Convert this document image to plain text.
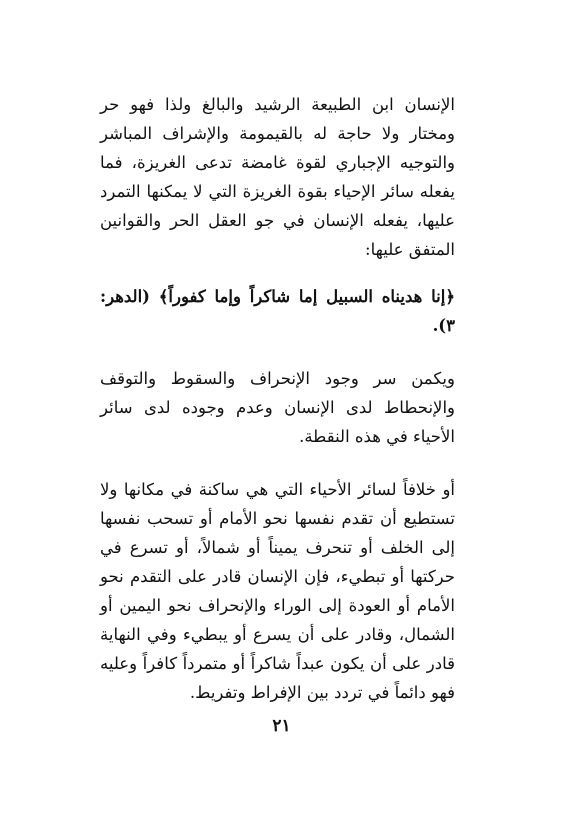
الإنسان ابن الطبيعة الرشيد والبالغ ولذا فهو حر ومختار ولا حاجة له بالقيمومة والإشراف المباشر والتوجيه الإجباري لقوة غامضة تدعى الغريزة، فما يفعله سائر الإحياء بقوة الغريزة التي لا يمكنها التمرد عليها، يفعله الإنسان في جو العقل الحر والقوانين المتفق عليها:

﴿إنا هديناه السبيل إما شاكراً وإما كفوراً﴾ (الدهر: ٣).

ويكمن سر وجود الإنحراف والسقوط والتوقف والإنحطاط لدى الإنسان وعدم وجوده لدى سائر الأحياء في هذه النقطة.

أو خلافاً لسائر الأحياء التي هي ساكنة في مكانها ولا تستطيع أن تقدم نفسها نحو الأمام أو تسحب نفسها إلى الخلف أو تنحرف يميناً أو شمالاً، أو تسرع في حركتها أو تبطيء، فإن الإنسان قادر على التقدم نحو الأمام أو العودة إلى الوراء والإنحراف نحو اليمين أو الشمال، وقادر على أن يسرع أو يبطيء وفي النهاية قادر على أن يكون عبداً شاكراً أو متمرداً كافراً وعليه فهو دائماً في تردد بين الإفراط وتفريط.

٢١
